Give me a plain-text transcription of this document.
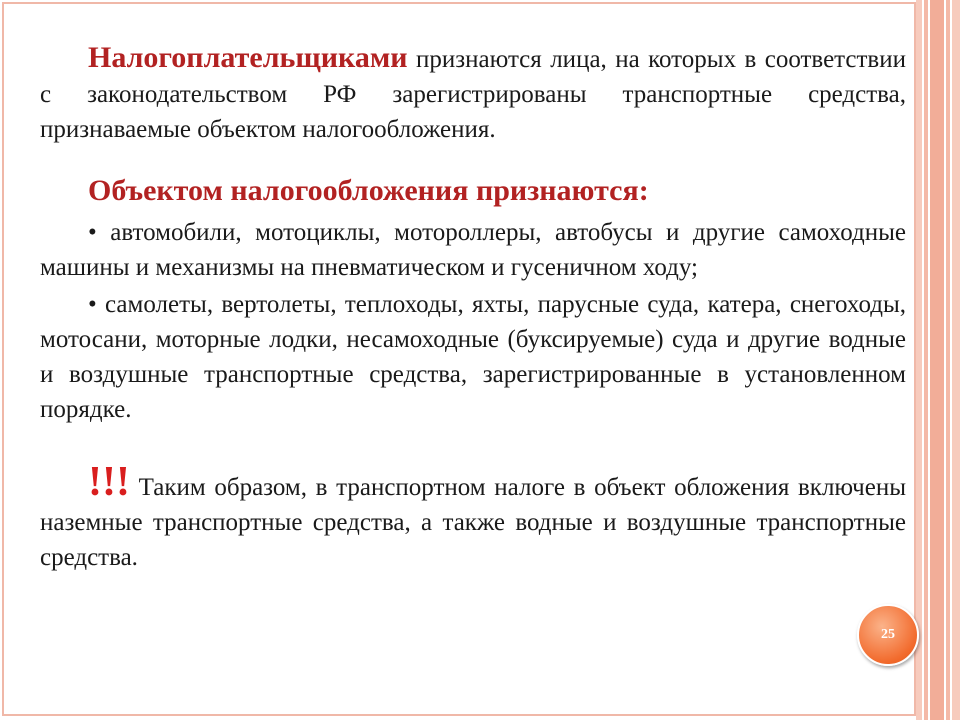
Налогоплательщиками признаются лица, на которых в соответствии с законодательством РФ зарегистрированы транспортные средства, признаваемые объектом налогообложения.

Объектом налогообложения признаются:

• автомобили, мотоциклы, мотороллеры, автобусы и другие самоходные машины и механизмы на пневматическом и гусеничном ходу;

• самолеты, вертолеты, теплоходы, яхты, парусные суда, катера, снегоходы, мотосани, моторные лодки, несамоходные (буксируемые) суда и другие водные и воздушные транспортные средства, зарегистрированные в установленном порядке.

!!! Таким образом, в транспортном налоге в объект обложения включены наземные транспортные средства, а также водные и воздушные транспортные средства.

25
